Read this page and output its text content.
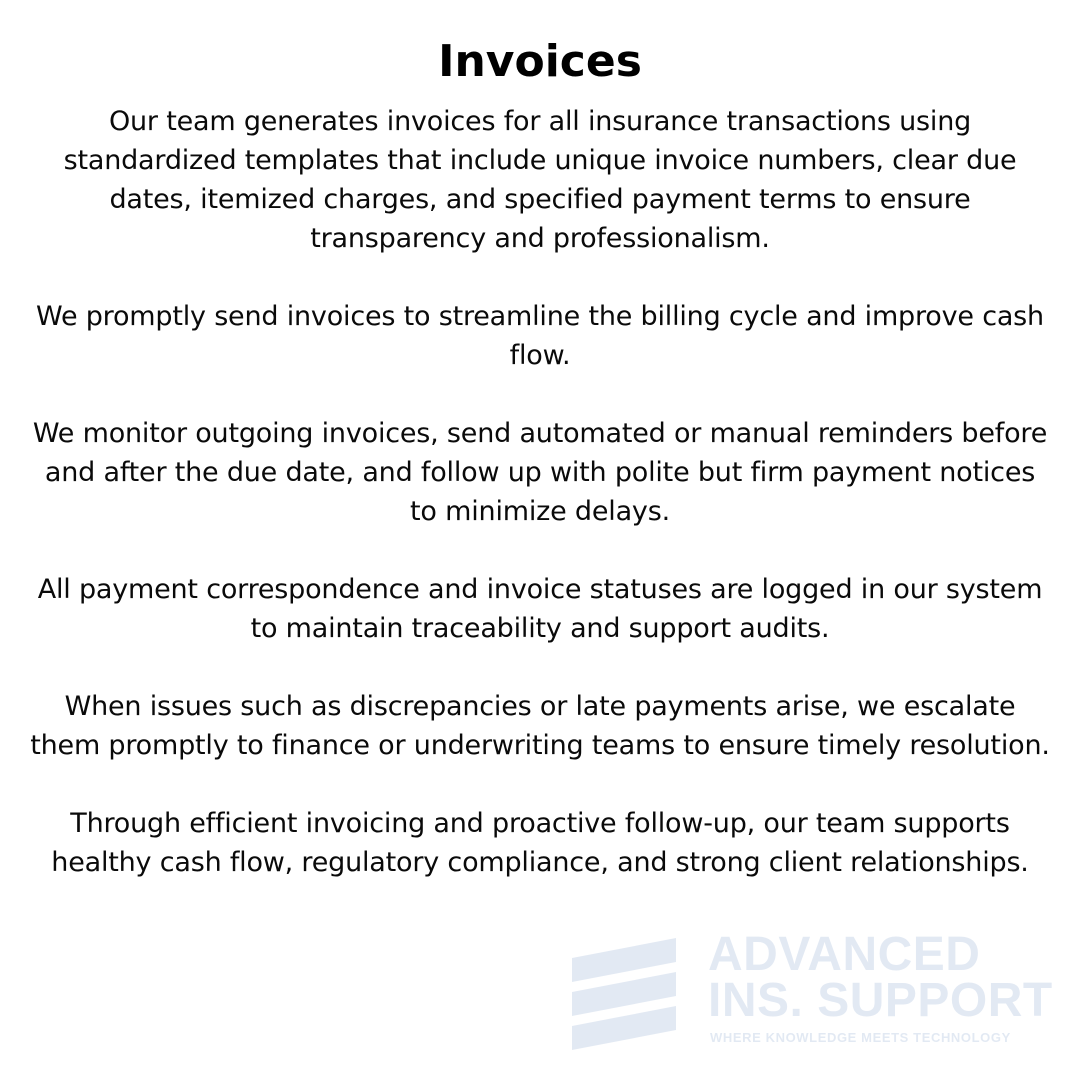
Invoices

Our team generates invoices for all insurance transactions using standardized templates that include unique invoice numbers, clear due dates, itemized charges, and specified payment terms to ensure transparency and professionalism.

We promptly send invoices to streamline the billing cycle and improve cash flow.

We monitor outgoing invoices, send automated or manual reminders before and after the due date, and follow up with polite but firm payment notices to minimize delays.

All payment correspondence and invoice statuses are logged in our system to maintain traceability and support audits.

When issues such as discrepancies or late payments arise, we escalate them promptly to finance or underwriting teams to ensure timely resolution.

Through efficient invoicing and proactive follow-up, our team supports healthy cash flow, regulatory compliance, and strong client relationships.

ADVANCED
INS. SUPPORT
WHERE KNOWLEDGE MEETS TECHNOLOGY
